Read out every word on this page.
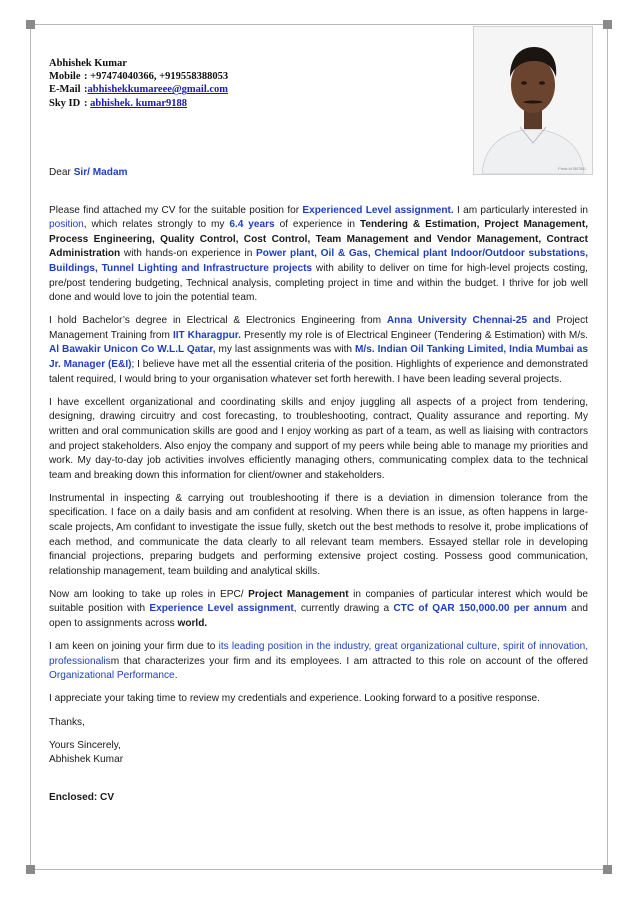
Abhishek Kumar
Mobile : +97474040366, +919558388053
E-Mail :abhishekkumareee@gmail.com
Sky ID : abhishek. kumar9188
Photo Id:1807801

Dear Sir/ Madam

Please find attached my CV for the suitable position for Experienced Level assignment. I am particularly interested in position, which relates strongly to my 6.4 years of experience in Tendering & Estimation, Project Management, Process Engineering, Quality Control, Cost Control, Team Management and Vendor Management, Contract Administration with hands-on experience in Power plant, Oil & Gas, Chemical plant Indoor/Outdoor substations, Buildings, Tunnel Lighting and Infrastructure projects with ability to deliver on time for high-level projects costing, pre/post tendering budgeting, Technical analysis, completing project in time and within the budget. I thrive for job well done and would love to join the potential team.

I hold Bachelor’s degree in Electrical & Electronics Engineering from Anna University Chennai-25 and Project Management Training from IIT Kharagpur. Presently my role is of Electrical Engineer (Tendering & Estimation) with M/s. Al Bawakir Unicon Co W.L.L Qatar, my last assignments was with M/s. Indian Oil Tanking Limited, India Mumbai as Jr. Manager (E&I); I believe have met all the essential criteria of the position. Highlights of experience and demonstrated talent required, I would bring to your organisation whatever set forth herewith. I have been leading several projects.

I have excellent organizational and coordinating skills and enjoy juggling all aspects of a project from tendering, designing, drawing circuitry and cost forecasting, to troubleshooting, contract, Quality assurance and reporting. My written and oral communication skills are good and I enjoy working as part of a team, as well as liaising with contractors and project stakeholders. Also enjoy the company and support of my peers while being able to manage my priorities and work. My day-to-day job activities involves efficiently managing others, communicating complex data to the technical team and breaking down this information for client/owner and stakeholders.

Instrumental in inspecting & carrying out troubleshooting if there is a deviation in dimension tolerance from the specification. I face on a daily basis and am confident at resolving. When there is an issue, as often happens in large-scale projects, Am confidant to investigate the issue fully, sketch out the best methods to resolve it, probe implications of each method, and communicate the data clearly to all relevant team members. Essayed stellar role in developing financial projections, preparing budgets and performing extensive project costing. Possess good communication, relationship management, team building and analytical skills.

Now am looking to take up roles in EPC/ Project Management in companies of particular interest which would be suitable position with Experience Level assignment, currently drawing a CTC of QAR 150,000.00 per annum and open to assignments across world.

I am keen on joining your firm due to its leading position in the industry, great organizational culture, spirit of innovation, professionalism that characterizes your firm and its employees. I am attracted to this role on account of the offered Organizational Performance.

I appreciate your taking time to review my credentials and experience. Looking forward to a positive response.

Thanks,

Yours Sincerely,

Abhishek Kumar

Enclosed: CV
